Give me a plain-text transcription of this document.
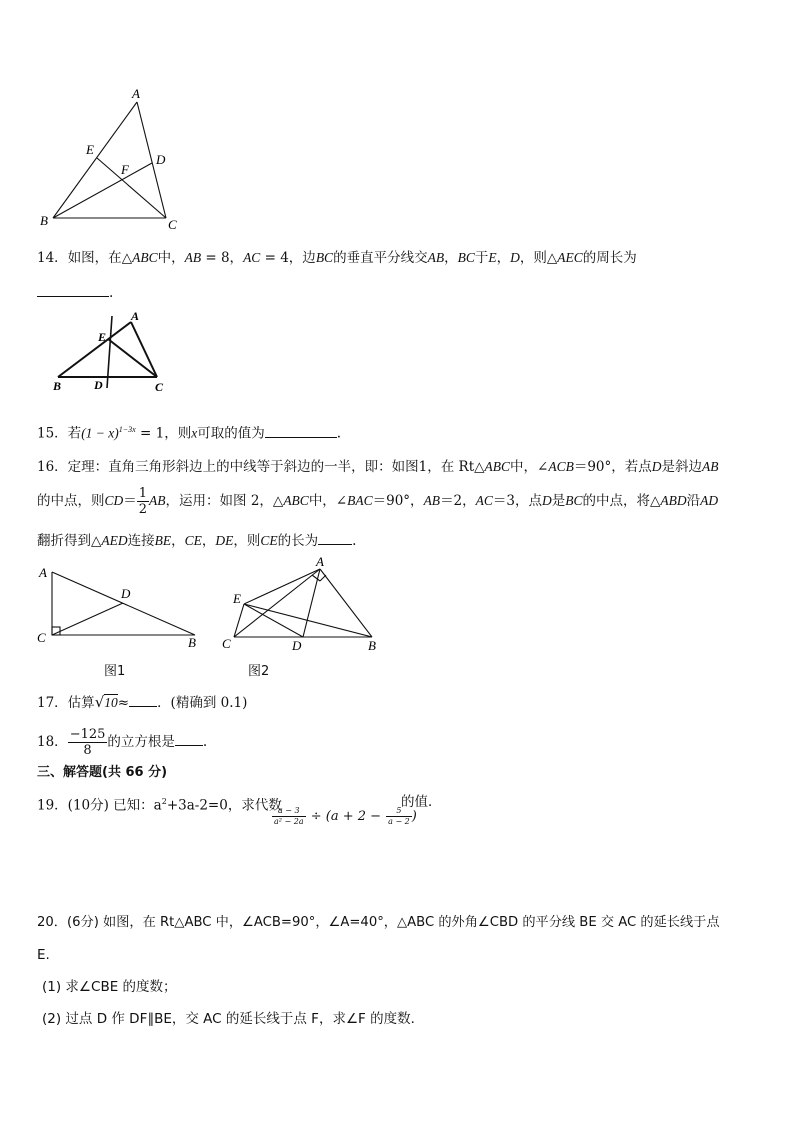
A
B	C
D
E
F
14．如图，在△ABC中，AB = 8，AC = 4，边BC的垂直平分线交AB，BC于E，D，则△AEC的周长为
.
A
B	C
D
E
15．若$(1 - x)^{1-3x} = 1$，则x可取的值为	.
16．定理：直角三角形斜边上的中线等于斜边的一半，即：如图1，在 Rt△ABC中，∠ACB＝90°，若点D是斜边AB
的中点，则$CD= \frac{1}{2}$ AB，运用：如图 2，△ABC中，∠BAC＝90°，AB＝2，AC＝3，点D是BC的中点，将△ABD沿AD
翻折得到△AED连接BE，CE，DE，则CE的长为	.
A
B
C
D
图1
A
B
C	D
E
图2
17．估算√10≈ ．(精确到 0.1)
18． $\frac{-125}{8}$ 的立方根是 .
三、解答题(共 66 分)
19．(10分) 已知：$a^2+3a-2=0$，求代数
$\frac{a - 3}{\text{a² − 2a}} \div (a + 2 - \frac{5}{a - 2}$ )
的值．
20．(6分) 如图，在 Rt△ABC 中，∠ACB=90°，∠A=40°，△ABC 的外角∠CBD 的平分线 BE 交 AC 的延长线于点
E.
(1) 求∠CBE 的度数；
(2) 过点 D 作 DF∥BE，交 AC 的延长线于点 F，求∠F 的度数．
